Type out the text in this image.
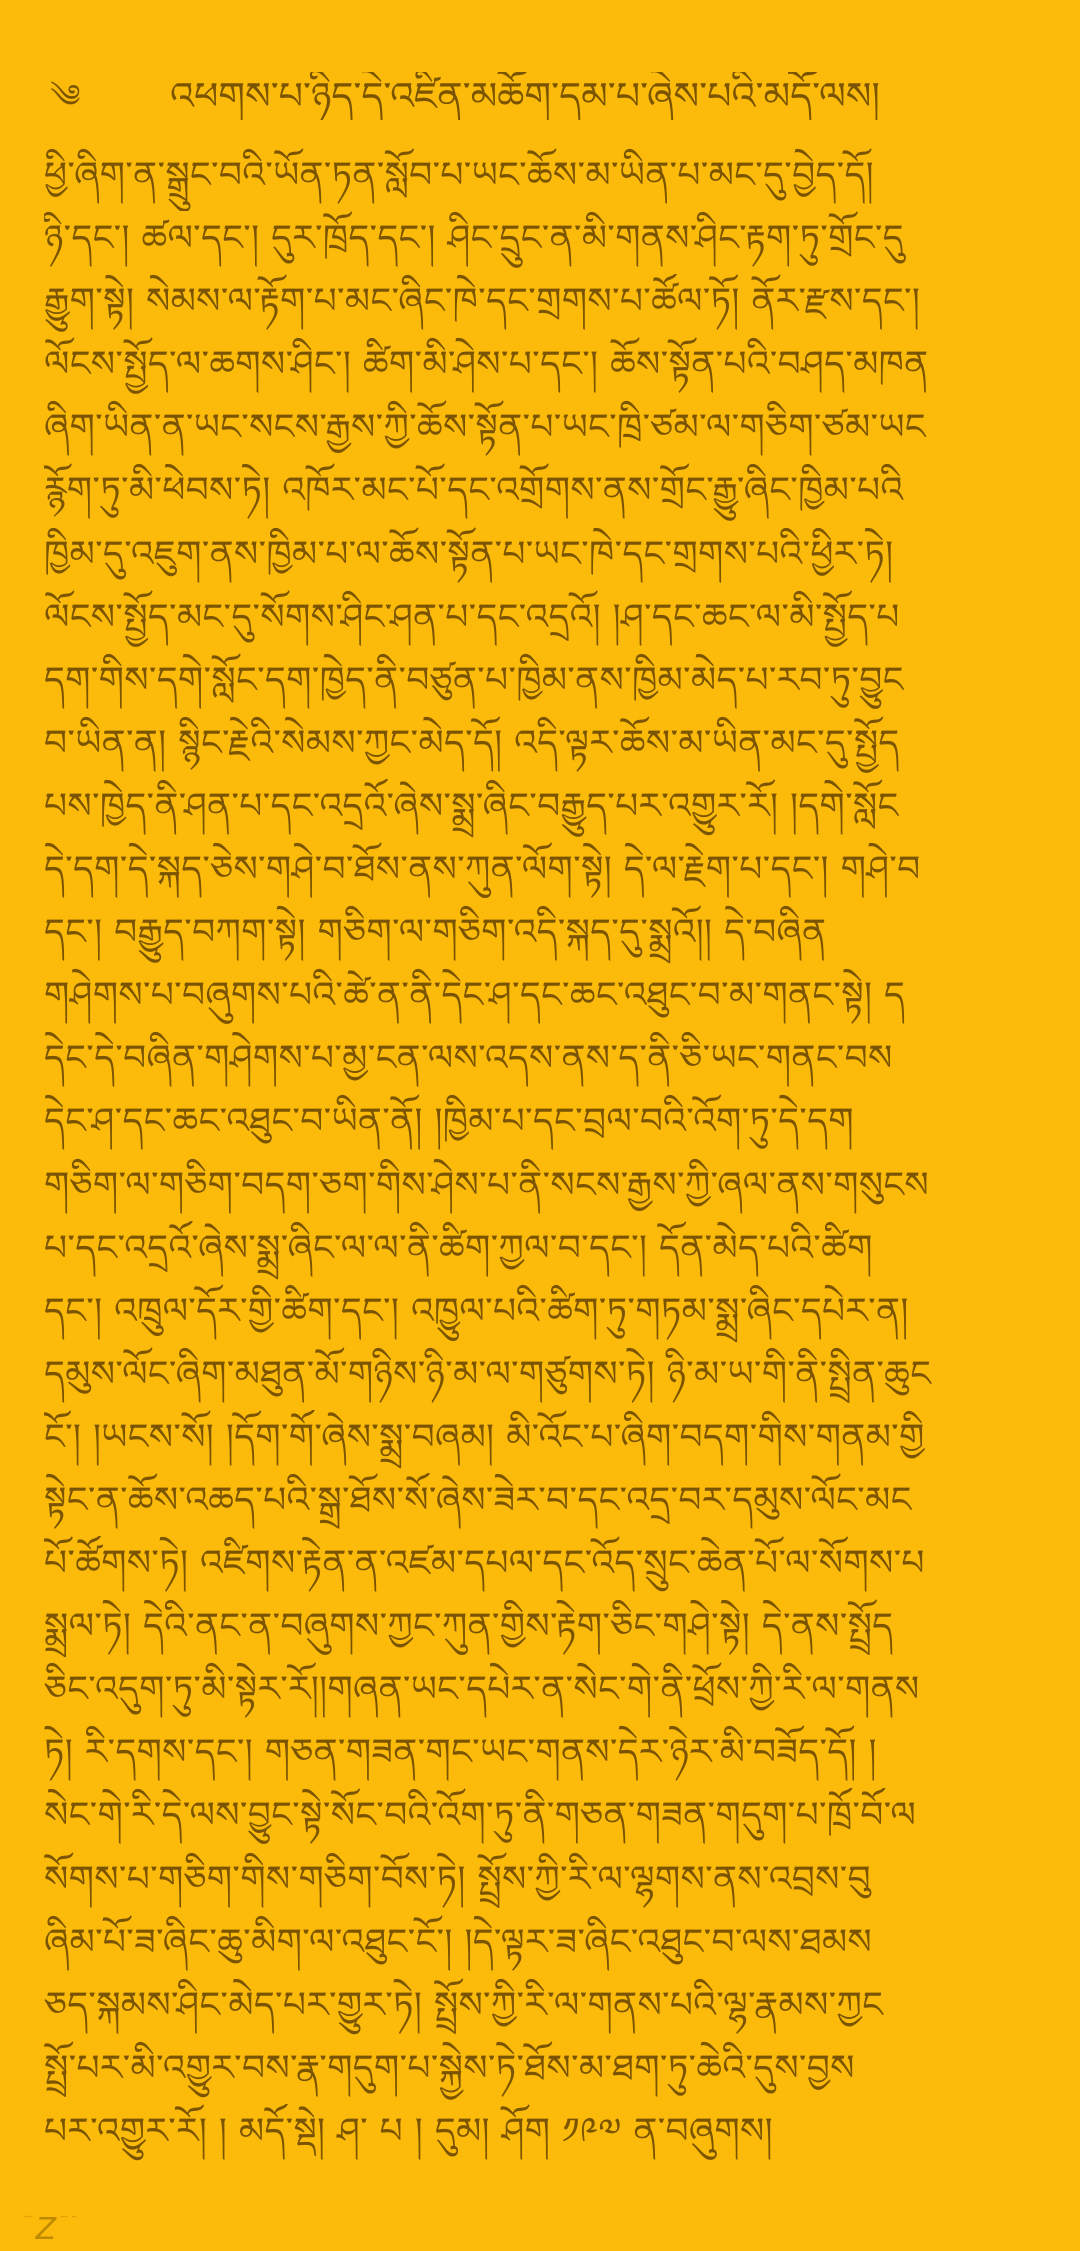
༄	འཕགས་པ་ཉིད་དེ་འཛིན་མཆོག་དམ་པ་ཞེས་པའི་མདོ་ལས།
ཕྱི་ཞིག་ན་སྒྲུང་བའི་ཡོན་ཏན་སློབ་པ་ཡང་ཆོས་མ་ཡིན་པ་མང་དུ་བྱེད་དོ།
ཉི་དང་། ཚལ་དང་། དུར་ཁྲོད་དང་། ཤིང་དྲུང་ན་མི་གནས་ཤིང་རྟག་ཏུ་གྲོང་དུ
རྒྱུག་སྟེ། སེམས་ལ་རྟོག་པ་མང་ཞིང་ཁེ་དང་གྲགས་པ་ཚོལ་ཏོ། ནོར་རྫས་དང་།
ལོངས་སྤྱོད་ལ་ཆགས་ཤིང་། ཚིག་མི་ཤེས་པ་དང་། ཆོས་སྟོན་པའི་བཤད་མཁན
ཞིག་ཡིན་ན་ཡང་སངས་རྒྱས་ཀྱི་ཆོས་སྟོན་པ་ཡང་ཁྲི་ཙམ་ལ་གཅིག་ཙམ་ཡང
རྙོག་ཏུ་མི་ཕེབས་ཏེ། འཁོར་མང་པོ་དང་འགྲོགས་ནས་གྲོང་རྒྱུ་ཞིང་ཁྱིམ་པའི
ཁྱིམ་དུ་འཇུག་ནས་ཁྱིམ་པ་ལ་ཆོས་སྟོན་པ་ཡང་ཁེ་དང་གྲགས་པའི་ཕྱིར་ཏེ།
ལོངས་སྤྱོད་མང་དུ་སོགས་ཤིང་ཤན་པ་དང་འདྲའོ། །ཤ་དང་ཆང་ལ་མི་སྤྱོད་པ
དག་གིས་དགེ་སློང་དག་ཁྱེད་ནི་བཙུན་པ་ཁྱིམ་ནས་ཁྱིམ་མེད་པ་རབ་ཏུ་བྱུང
བ་ཡིན་ན། སྙིང་རྗེའི་སེམས་ཀྱང་མེད་དོ། འདི་ལྟར་ཆོས་མ་ཡིན་མང་དུ་སྤྱོད
པས་ཁྱེད་ནི་ཤན་པ་དང་འདྲའོ་ཞེས་སྨྲ་ཞིང་བརྒྱུད་པར་འགྱུར་རོ། །དགེ་སློང
དེ་དག་དེ་སྐད་ཅེས་གཤེ་བ་ཐོས་ནས་ཀུན་ལོག་སྟེ། དེ་ལ་རྗེག་པ་དང་། གཤེ་བ
དང་། བརྒྱུད་བཀག་སྟེ། གཅིག་ལ་གཅིག་འདི་སྐད་དུ་སྨྲའོ།། དེ་བཞིན
གཤེགས་པ་བཞུགས་པའི་ཚེ་ན་ནི་དེང་ཤ་དང་ཆང་འཐུང་བ་མ་གནང་སྟེ། ད
དེང་དེ་བཞིན་གཤེགས་པ་མྱ་ངན་ལས་འདས་ནས་ད་ནི་ཅི་ཡང་གནང་བས
དེང་ཤ་དང་ཆང་འཐུང་བ་ཡིན་ནོ། །ཁྱིམ་པ་དང་བྲལ་བའི་འོག་ཏུ་དེ་དག
གཅིག་ལ་གཅིག་བདག་ཅག་གིས་ཤེས་པ་ནི་སངས་རྒྱས་ཀྱི་ཞལ་ནས་གསུངས
པ་དང་འདྲའོ་ཞེས་སྨྲ་ཞིང་ལ་ལ་ནི་ཚིག་ཀྱལ་བ་དང་། དོན་མེད་པའི་ཚིག
དང་། འཁྲུལ་དོར་གྱི་ཚིག་དང་། འཁྱུལ་པའི་ཚིག་ཏུ་གཏམ་སྨྲ་ཞིང་དཔེར་ན།
དམུས་ལོང་ཞིག་མཐུན་མོ་གཉིས་ཉི་མ་ལ་གཙུགས་ཏེ། ཉི་མ་ཡ་གི་ནི་སྤྲིན་ཆུང
ངོ་། །ཡངས་སོ། །དོག་གོ་ཞེས་སྨྲ་བཞམ། མི་འོང་པ་ཞིག་བདག་གིས་གནམ་གྱི
སྟེང་ན་ཆོས་འཆད་པའི་སྒྲ་ཐོས་སོ་ཞེས་ཟེར་བ་དང་འདྲ་བར་དམུས་ལོང་མང
པོ་ཚོགས་ཏེ། འཛིགས་རྟེན་ན་འཛམ་དཔལ་དང་འོད་སྲུང་ཆེན་པོ་ལ་སོགས་པ
སྨྲལ་ཏེ། དེའི་ནང་ན་བཞུགས་ཀྱང་ཀུན་གྱིས་རྟེག་ཅིང་གཤེ་སྟེ། དེ་ནས་སྤྲོད
ཅིང་འདུག་ཏུ་མི་སྟེར་རོ།།གཞན་ཡང་དཔེར་ན་སེང་གེ་ནི་ཕྲོས་ཀྱི་རི་ལ་གནས
ཏེ། རི་དགས་དང་། གཅན་གཟན་གང་ཡང་གནས་དེར་ཉེར་མི་བཟོད་དོ། །
སེང་གེ་རི་དེ་ལས་བྱུང་སྟེ་སོང་བའི་འོག་ཏུ་ནི་གཅན་གཟན་གདུག་པ་ཁྲོ་བོ་ལ
སོགས་པ་གཅིག་གིས་གཅིག་བོས་ཏེ། སྤྲོས་ཀྱི་རི་ལ་ལྷགས་ནས་འབྲས་བུ
ཞིམ་པོ་ཟ་ཞིང་ཆུ་མིག་ལ་འཐུང་ངོ་། །དེ་ལྟར་ཟ་ཞིང་འཐུང་བ་ལས་ཐམས
ཅད་སྐམས་ཤིང་མེད་པར་གྱུར་ཏེ། སྤྲོས་ཀྱི་རི་ལ་གནས་པའི་ལྷ་རྣམས་ཀྱང
སྤྲོ་པར་མི་འགྱུར་བས་རྣ་གདུག་པ་སྐྱེས་ཏེ་ཐོས་མ་ཐག་ཏུ་ཆེའི་དུས་བྱས
པར་འགྱུར་རོ། ། མདོ་སྡེ། ཤ་ པ ། དུམ། ཤོག ༡༩༧ ན་བཞུགས།
་་་ Z ་་་ ་་
